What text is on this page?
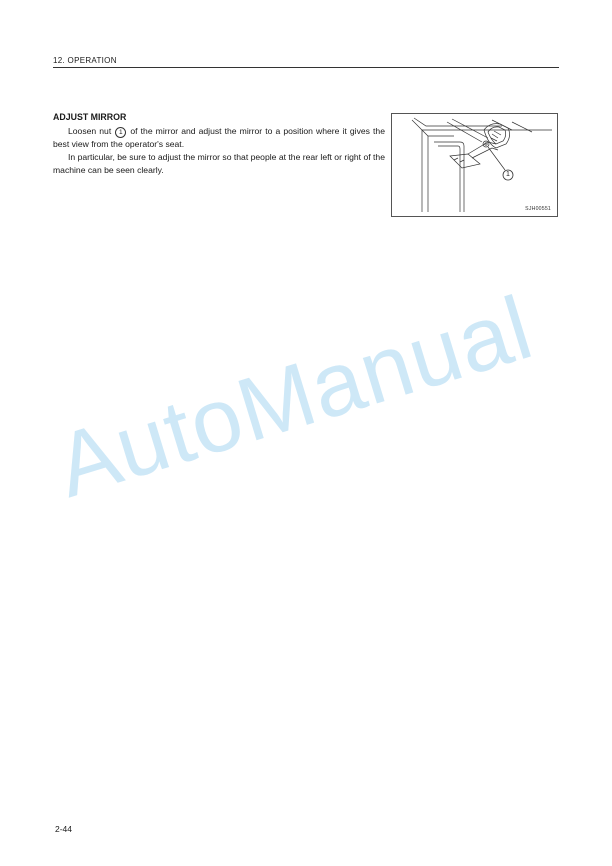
12. OPERATION
ADJUST MIRROR

Loosen nut 1 of the mirror and adjust the mirror to a position where it gives the best view from the operator's seat.

In particular, be sure to adjust the mirror so that people at the rear left or right of the machine can be seen clearly.	1
SJH00551
AutoManual
2-44
